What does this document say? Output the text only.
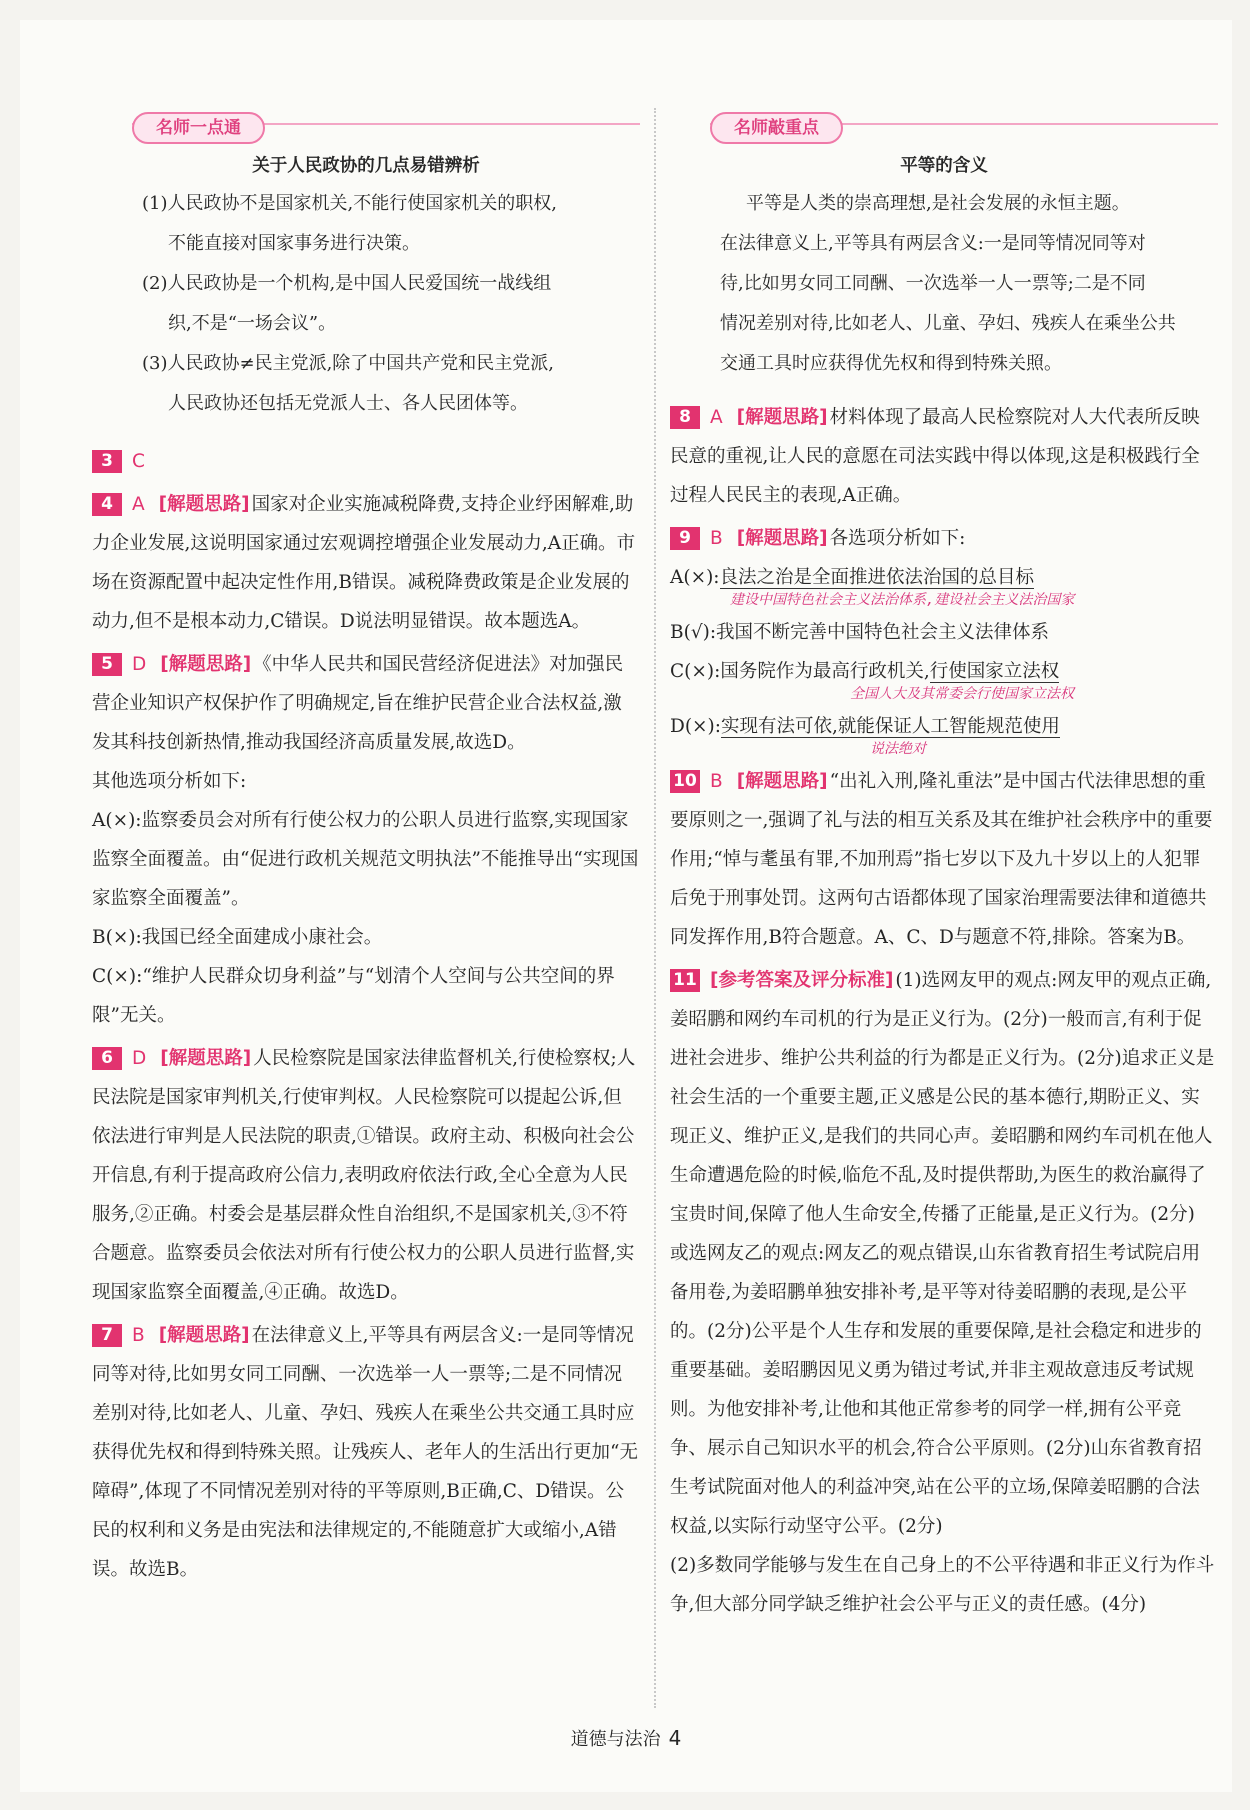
名师一点通
关于人民政协的几点易错辨析

(1)人民政协不是国家机关,不能行使国家机关的职权,

不能直接对国家事务进行决策。

(2)人民政协是一个机构,是中国人民爱国统一战线组

织,不是“一场会议”。

(3)人民政协≠民主党派,除了中国共产党和民主党派,

人民政协还包括无党派人士、各人民团体等。

3 C
4 A [解题思路] 国家对企业实施减税降费,支持企业纾困解难,助力企业发展,这说明国家通过宏观调控增强企业发展动力,A正确。市场在资源配置中起决定性作用,B错误。减税降费政策是企业发展的动力,但不是根本动力,C错误。D说法明显错误。故本题选A。

5 D [解题思路] 《中华人民共和国民营经济促进法》对加强民营企业知识产权保护作了明确规定,旨在维护民营企业合法权益,激发其科技创新热情,推动我国经济高质量发展,故选D。

其他选项分析如下:

A(×):监察委员会对所有行使公权力的公职人员进行监察,实现国家监察全面覆盖。由“促进行政机关规范文明执法”不能推导出“实现国家监察全面覆盖”。

B(×):我国已经全面建成小康社会。

C(×):“维护人民群众切身利益”与“划清个人空间与公共空间的界限”无关。

6 D [解题思路] 人民检察院是国家法律监督机关,行使检察权;人民法院是国家审判机关,行使审判权。人民检察院可以提起公诉,但依法进行审判是人民法院的职责,①错误。政府主动、积极向社会公开信息,有利于提高政府公信力,表明政府依法行政,全心全意为人民服务,②正确。村委会是基层群众性自治组织,不是国家机关,③不符合题意。监察委员会依法对所有行使公权力的公职人员进行监督,实现国家监察全面覆盖,④正确。故选D。
7 B [解题思路] 在法律意义上,平等具有两层含义:一是同等情况同等对待,比如男女同工同酬、一次选举一人一票等;二是不同情况差别对待,比如老人、儿童、孕妇、残疾人在乘坐公共交通工具时应获得优先权和得到特殊关照。让残疾人、老年人的生活出行更加“无障碍”,体现了不同情况差别对待的平等原则,B正确,C、D错误。公民的权利和义务是由宪法和法律规定的,不能随意扩大或缩小,A错误。故选B。
名师敲重点
平等的含义

平等是人类的崇高理想,是社会发展的永恒主题。

在法律意义上,平等具有两层含义:一是同等情况同等对

待,比如男女同工同酬、一次选举一人一票等;二是不同

情况差别对待,比如老人、儿童、孕妇、残疾人在乘坐公共

交通工具时应获得优先权和得到特殊关照。

8 A [解题思路] 材料体现了最高人民检察院对人大代表所反映民意的重视,让人民的意愿在司法实践中得以体现,这是积极践行全过程人民民主的表现,A正确。

9 B [解题思路] 各选项分析如下:

A(×):良法之治是全面推进依法治国的总目标

建设中国特色社会主义法治体系,建设社会主义法治国家

B(√):我国不断完善中国特色社会主义法律体系

C(×):国务院作为最高行政机关,行使国家立法权

全国人大及其常委会行使国家立法权

D(×):实现有法可依,就能保证人工智能规范使用

说法绝对
10 B [解题思路] “出礼入刑,隆礼重法”是中国古代法律思想的重要原则之一,强调了礼与法的相互关系及其在维护社会秩序中的重要作用;“悼与耄虽有罪,不加刑焉”指七岁以下及九十岁以上的人犯罪后免于刑事处罚。这两句古语都体现了国家治理需要法律和道德共同发挥作用,B符合题意。A、C、D与题意不符,排除。答案为B。

11 [参考答案及评分标准] (1)选网友甲的观点:网友甲的观点正确,姜昭鹏和网约车司机的行为是正义行为。(2分)一般而言,有利于促进社会进步、维护公共利益的行为都是正义行为。(2分)追求正义是社会生活的一个重要主题,正义感是公民的基本德行,期盼正义、实现正义、维护正义,是我们的共同心声。姜昭鹏和网约车司机在他人生命遭遇危险的时候,临危不乱,及时提供帮助,为医生的救治赢得了宝贵时间,保障了他人生命安全,传播了正能量,是正义行为。(2分)

或选网友乙的观点:网友乙的观点错误,山东省教育招生考试院启用备用卷,为姜昭鹏单独安排补考,是平等对待姜昭鹏的表现,是公平的。(2分)公平是个人生存和发展的重要保障,是社会稳定和进步的重要基础。姜昭鹏因见义勇为错过考试,并非主观故意违反考试规则。为他安排补考,让他和其他正常参考的同学一样,拥有公平竞争、展示自己知识水平的机会,符合公平原则。(2分)山东省教育招生考试院面对他人的利益冲突,站在公平的立场,保障姜昭鹏的合法权益,以实际行动坚守公平。(2分)

(2)多数同学能够与发生在自己身上的不公平待遇和非正义行为作斗争,但大部分同学缺乏维护社会公平与正义的责任感。(4分)

道德与法治 4
